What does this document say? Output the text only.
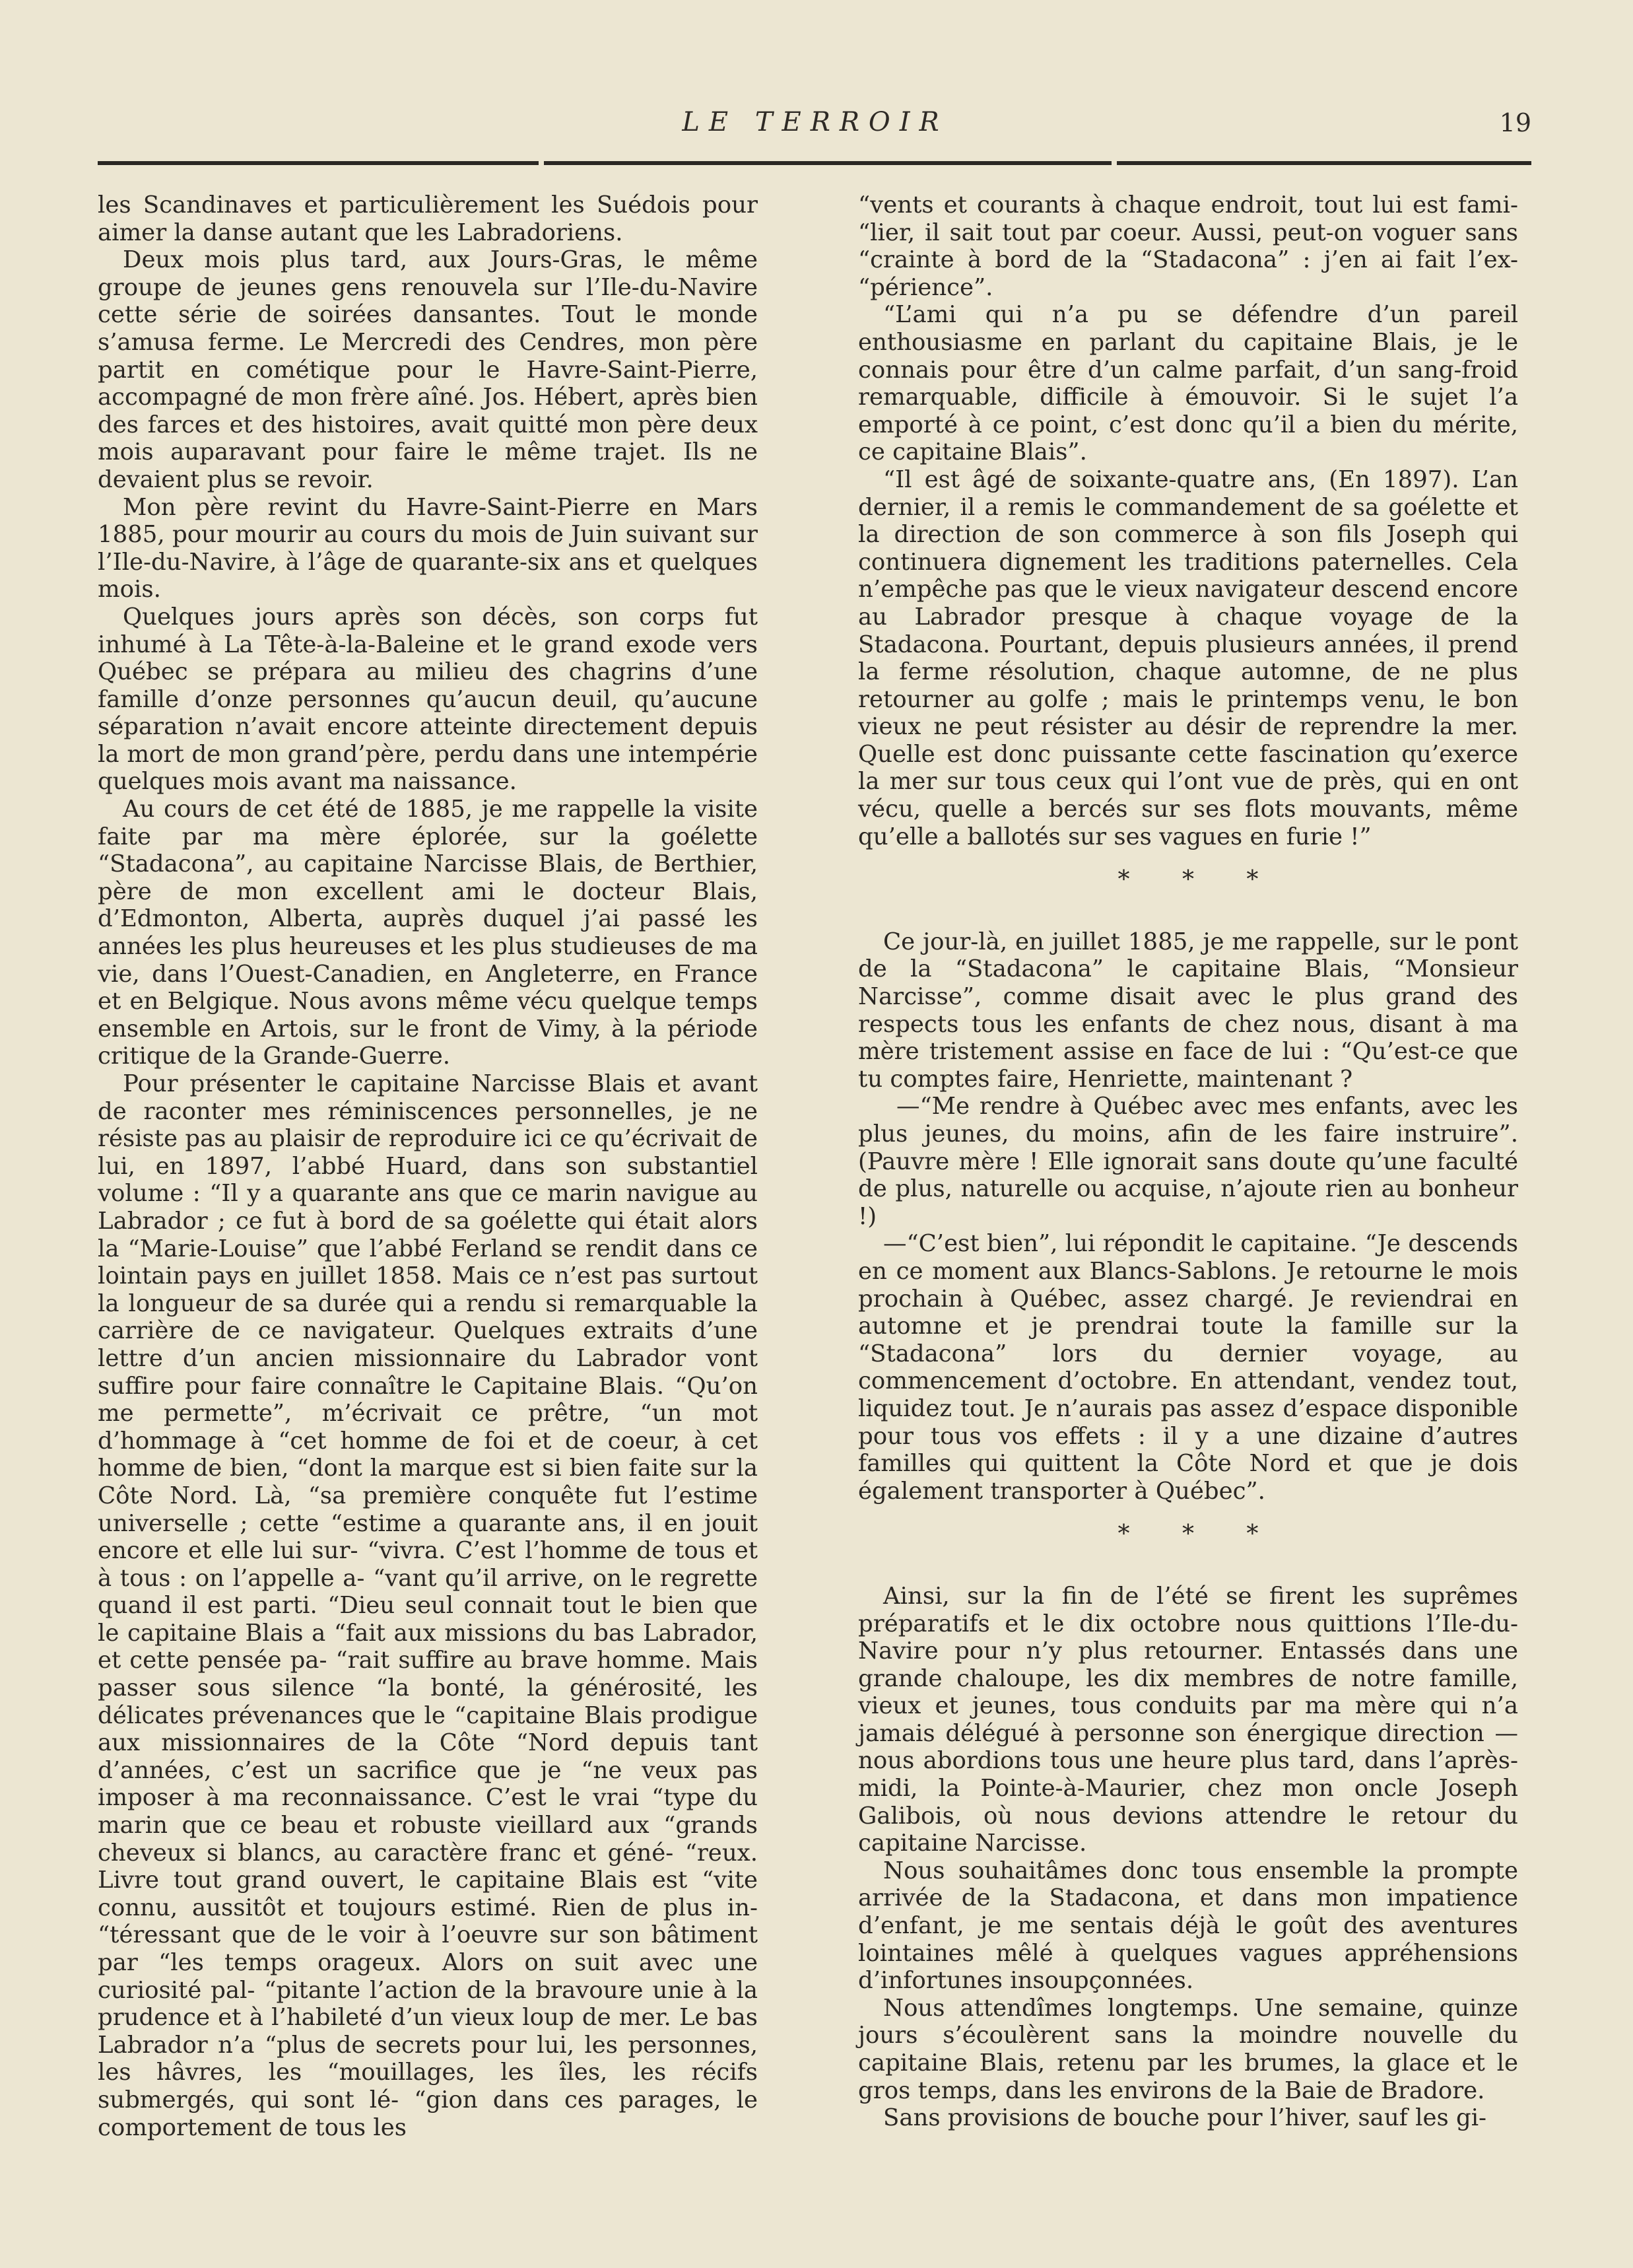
LE TERROIR	19

les Scandinaves et particulièrement les Suédois pour aimer la danse autant que les Labradoriens.

Deux mois plus tard, aux Jours-Gras, le même groupe de jeunes gens renouvela sur l’Ile-du-Navire cette série de soirées dansantes. Tout le monde s’amusa ferme. Le Mercredi des Cendres, mon père partit en cométique pour le Havre-Saint-Pierre, accompagné de mon frère aîné. Jos. Hébert, après bien des farces et des histoires, avait quitté mon père deux mois auparavant pour faire le même trajet. Ils ne devaient plus se revoir.

Mon père revint du Havre-Saint-Pierre en Mars 1885, pour mourir au cours du mois de Juin suivant sur l’Ile-du-Navire, à l’âge de quarante-six ans et quelques mois.

Quelques jours après son décès, son corps fut inhumé à La Tête-à-la-Baleine et le grand exode vers Québec se prépara au milieu des chagrins d’une famille d’onze personnes qu’aucun deuil, qu’aucune séparation n’avait encore atteinte directement depuis la mort de mon grand’père, perdu dans une intempérie quelques mois avant ma naissance.

Au cours de cet été de 1885, je me rappelle la visite faite par ma mère éplorée, sur la goélette “Stadacona”, au capitaine Narcisse Blais, de Berthier, père de mon excellent ami le docteur Blais, d’Edmonton, Alberta, auprès duquel j’ai passé les années les plus heureuses et les plus studieuses de ma vie, dans l’Ouest-Canadien, en Angleterre, en France et en Belgique. Nous avons même vécu quelque temps ensemble en Artois, sur le front de Vimy, à la période critique de la Grande-Guerre.

Pour présenter le capitaine Narcisse Blais et avant de raconter mes réminiscences personnelles, je ne résiste pas au plaisir de reproduire ici ce qu’écrivait de lui, en 1897, l’abbé Huard, dans son substantiel volume : “Il y a quarante ans que ce marin navigue au Labrador ; ce fut à bord de sa goélette qui était alors la “Marie-Louise” que l’abbé Ferland se rendit dans ce lointain pays en juillet 1858. Mais ce n’est pas surtout la longueur de sa durée qui a rendu si remarquable la carrière de ce navigateur. Quelques extraits d’une lettre d’un ancien missionnaire du Labrador vont suffire pour faire connaître le Capitaine Blais. “Qu’on me permette”, m’écrivait ce prêtre, “un mot d’hommage à “cet homme de foi et de coeur, à cet homme de bien, “dont la marque est si bien faite sur la Côte Nord. Là, “sa première conquête fut l’estime universelle ; cette “estime a quarante ans, il en jouit encore et elle lui sur- “vivra. C’est l’homme de tous et à tous : on l’appelle a- “vant qu’il arrive, on le regrette quand il est parti. “Dieu seul connait tout le bien que le capitaine Blais a “fait aux missions du bas Labrador, et cette pensée pa- “rait suffire au brave homme. Mais passer sous silence “la bonté, la générosité, les délicates prévenances que le “capitaine Blais prodigue aux missionnaires de la Côte “Nord depuis tant d’années, c’est un sacrifice que je “ne veux pas imposer à ma reconnaissance. C’est le vrai “type du marin que ce beau et robuste vieillard aux “grands cheveux si blancs, au caractère franc et géné- “reux. Livre tout grand ouvert, le capitaine Blais est “vite connu, aussitôt et toujours estimé. Rien de plus in- “téressant que de le voir à l’oeuvre sur son bâtiment par “les temps orageux. Alors on suit avec une curiosité pal- “pitante l’action de la bravoure unie à la prudence et à l’habileté d’un vieux loup de mer. Le bas Labrador n’a “plus de secrets pour lui, les personnes, les hâvres, les “mouillages, les îles, les récifs submergés, qui sont lé- “gion dans ces parages, le comportement de tous les

“vents et courants à chaque endroit, tout lui est fami- “lier, il sait tout par coeur. Aussi, peut-on voguer sans “crainte à bord de la “Stadacona” : j’en ai fait l’ex- “périence”.

“L’ami qui n’a pu se défendre d’un pareil enthousiasme en parlant du capitaine Blais, je le connais pour être d’un calme parfait, d’un sang-froid remarquable, difficile à émouvoir. Si le sujet l’a emporté à ce point, c’est donc qu’il a bien du mérite, ce capitaine Blais”.

“Il est âgé de soixante-quatre ans, (En 1897). L’an dernier, il a remis le commandement de sa goélette et la direction de son commerce à son fils Joseph qui continuera dignement les traditions paternelles. Cela n’empêche pas que le vieux navigateur descend encore au Labrador presque à chaque voyage de la Stadacona. Pourtant, depuis plusieurs années, il prend la ferme résolution, chaque automne, de ne plus retourner au golfe ; mais le printemps venu, le bon vieux ne peut résister au désir de reprendre la mer. Quelle est donc puissante cette fascination qu’exerce la mer sur tous ceux qui l’ont vue de près, qui en ont vécu, quelle a bercés sur ses flots mouvants, même qu’elle a ballotés sur ses vagues en furie !”

* * *

Ce jour-là, en juillet 1885, je me rappelle, sur le pont de la “Stadacona” le capitaine Blais, “Monsieur Narcisse”, comme disait avec le plus grand des respects tous les enfants de chez nous, disant à ma mère tristement assise en face de lui : “Qu’est-ce que tu comptes faire, Henriette, maintenant ?

—“Me rendre à Québec avec mes enfants, avec les plus jeunes, du moins, afin de les faire instruire”. (Pauvre mère ! Elle ignorait sans doute qu’une faculté de plus, naturelle ou acquise, n’ajoute rien au bonheur !)

—“C’est bien”, lui répondit le capitaine. “Je descends en ce moment aux Blancs-Sablons. Je retourne le mois prochain à Québec, assez chargé. Je reviendrai en automne et je prendrai toute la famille sur la “Stadacona” lors du dernier voyage, au commencement d’octobre. En attendant, vendez tout, liquidez tout. Je n’aurais pas assez d’espace disponible pour tous vos effets : il y a une dizaine d’autres familles qui quittent la Côte Nord et que je dois également transporter à Québec”.

* * *

Ainsi, sur la fin de l’été se firent les suprêmes préparatifs et le dix octobre nous quittions l’Ile-du-Navire pour n’y plus retourner. Entassés dans une grande chaloupe, les dix membres de notre famille, vieux et jeunes, tous conduits par ma mère qui n’a jamais délégué à personne son énergique direction — nous abordions tous une heure plus tard, dans l’après-midi, la Pointe-à-Maurier, chez mon oncle Joseph Galibois, où nous devions attendre le retour du capitaine Narcisse.

Nous souhaitâmes donc tous ensemble la prompte arrivée de la Stadacona, et dans mon impatience d’enfant, je me sentais déjà le goût des aventures lointaines mêlé à quelques vagues appréhensions d’infortunes insoupçonnées.

Nous attendîmes longtemps. Une semaine, quinze jours s’écoulèrent sans la moindre nouvelle du capitaine Blais, retenu par les brumes, la glace et le gros temps, dans les environs de la Baie de Bradore.

Sans provisions de bouche pour l’hiver, sauf les gi-
